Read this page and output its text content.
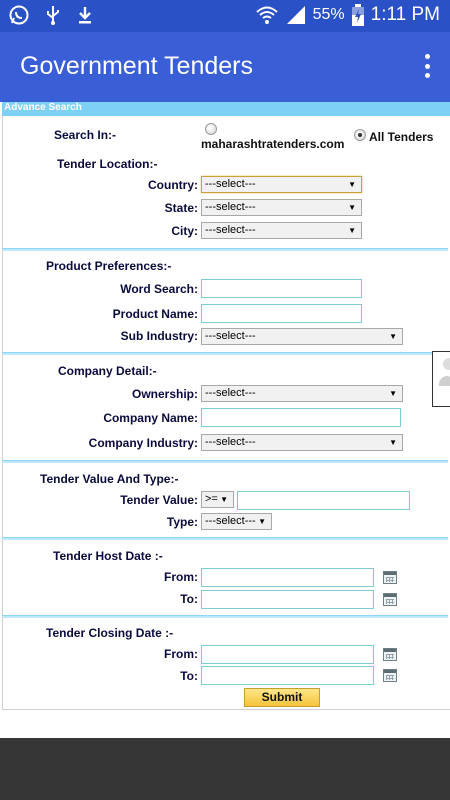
55% 1:11 PM
Government Tenders
Advance Search
Search In:-
maharashtratenders.com All Tenders
Tender Location:-
Country: ---select---	▼
State: ---select---	▼
City: ---select---	▼
Product Preferences:-
Word Search:
Product Name:
Sub Industry: ---select---	▼
Company Detail:-
Ownership: ---select---	▼
Company Name:
Company Industry: ---select---	▼
Tender Value And Type:-
Tender Value: >= ▼
Type: ---select--- ▼
Tender Host Date :-
From:
To:
Tender Closing Date :-
From:
To:
Submit
